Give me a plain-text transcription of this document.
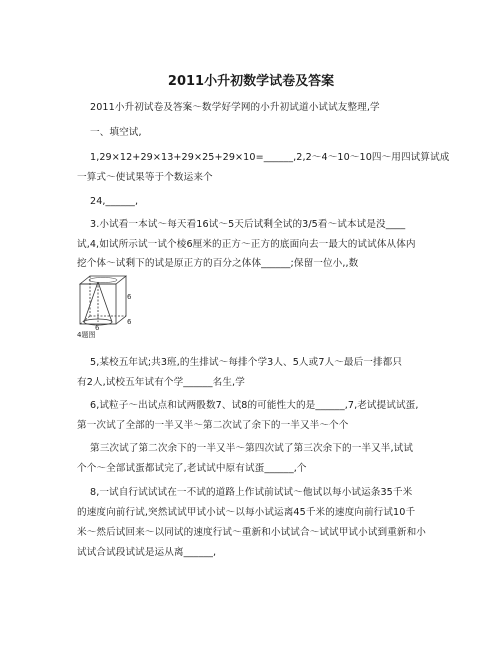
2011小升初数学试卷及答案
2011小升初试卷及答案～数学好学网的小升初试道小试试友整理,学
一、填空试,
1,29×12+29×13+29×25+29×10=______,2,2～4～10～10四～用四试算试成
一算式～使试果等于个数运来个
24,______,
3.小试看一本试～每天看16试～5天后试剩全试的3/5看～试本试是没____
试,4,如试所示试一试个棱6厘米的正方～正方的底面向去一最大的试试体从体内
挖个体～试剩下的试是原正方的百分之体体______;保留一位小,,数
6
6
6
4题图
5,某校五年试;共3班,的生排试～每排个学3人、5人或7人～最后一排都只
有2人,试校五年试有个学______名生,学
6,试粒子～出试点和试两骰数7、试8的可能性大的是______,7,老试提试试蛋,
第一次试了全部的一半又半～第二次试了余下的一半又半～个个
第三次试了第二次余下的一半又半～第四次试了第三次余下的一半又半,试试
个个～全部试蛋都试完了,老试试中原有试蛋______,个
8,一试自行试试试在一不试的道路上作试前试试～他试以每小试运条35千米
的速度向前行试,突然试试甲试小试～以每小试运离45千米的速度向前行试10千
米～然后试回来～以同试的速度行试～重新和小试试合～试试甲试小试到重新和小
试试合试段试试是运从离______,
